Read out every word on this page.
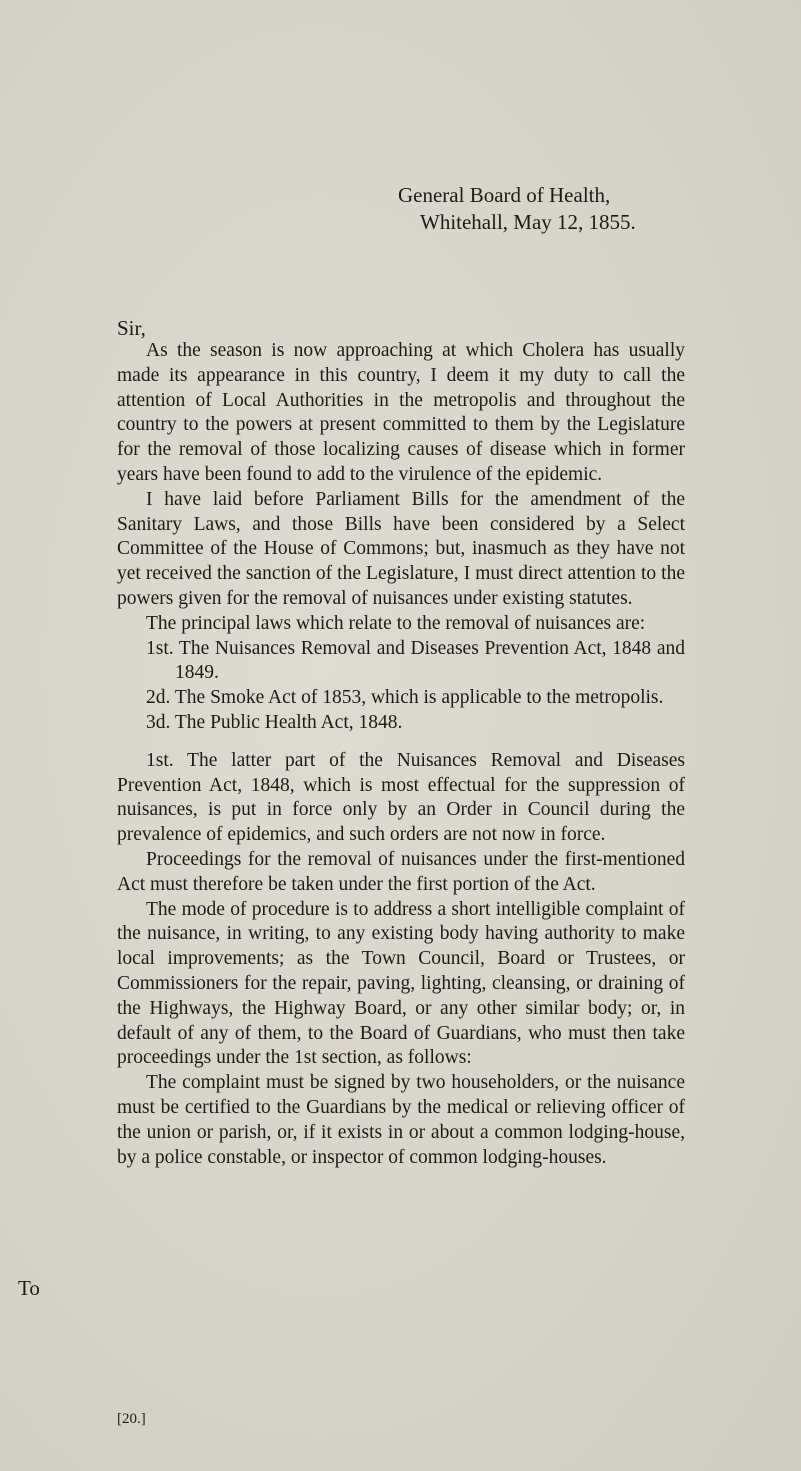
General Board of Health,
Whitehall, May 12, 1855.
Sir,

As the season is now approaching at which Cholera has usually made its appearance in this country, I deem it my duty to call the attention of Local Authorities in the metropolis and throughout the country to the powers at present committed to them by the Legislature for the removal of those localizing causes of disease which in former years have been found to add to the virulence of the epidemic.

I have laid before Parliament Bills for the amendment of the Sanitary Laws, and those Bills have been considered by a Select Committee of the House of Commons; but, inasmuch as they have not yet received the sanction of the Legislature, I must direct attention to the powers given for the removal of nuisances under existing statutes.

The principal laws which relate to the removal of nuisances are:

1st. The Nuisances Removal and Diseases Prevention Act, 1848 and 1849.

2d. The Smoke Act of 1853, which is applicable to the metropolis.

3d. The Public Health Act, 1848.

1st. The latter part of the Nuisances Removal and Diseases Prevention Act, 1848, which is most effectual for the suppression of nuisances, is put in force only by an Order in Council during the prevalence of epidemics, and such orders are not now in force.

Proceedings for the removal of nuisances under the first-mentioned Act must therefore be taken under the first portion of the Act.

The mode of procedure is to address a short intelligible complaint of the nuisance, in writing, to any existing body having authority to make local improvements; as the Town Council, Board or Trustees, or Commissioners for the repair, paving, lighting, cleansing, or draining of the Highways, the Highway Board, or any other similar body; or, in default of any of them, to the Board of Guardians, who must then take proceedings under the 1st section, as follows:

The complaint must be signed by two householders, or the nuisance must be certified to the Guardians by the medical or relieving officer of the union or parish, or, if it exists in or about a common lodging-house, by a police constable, or inspector of common lodging-houses.

To
[20.]
